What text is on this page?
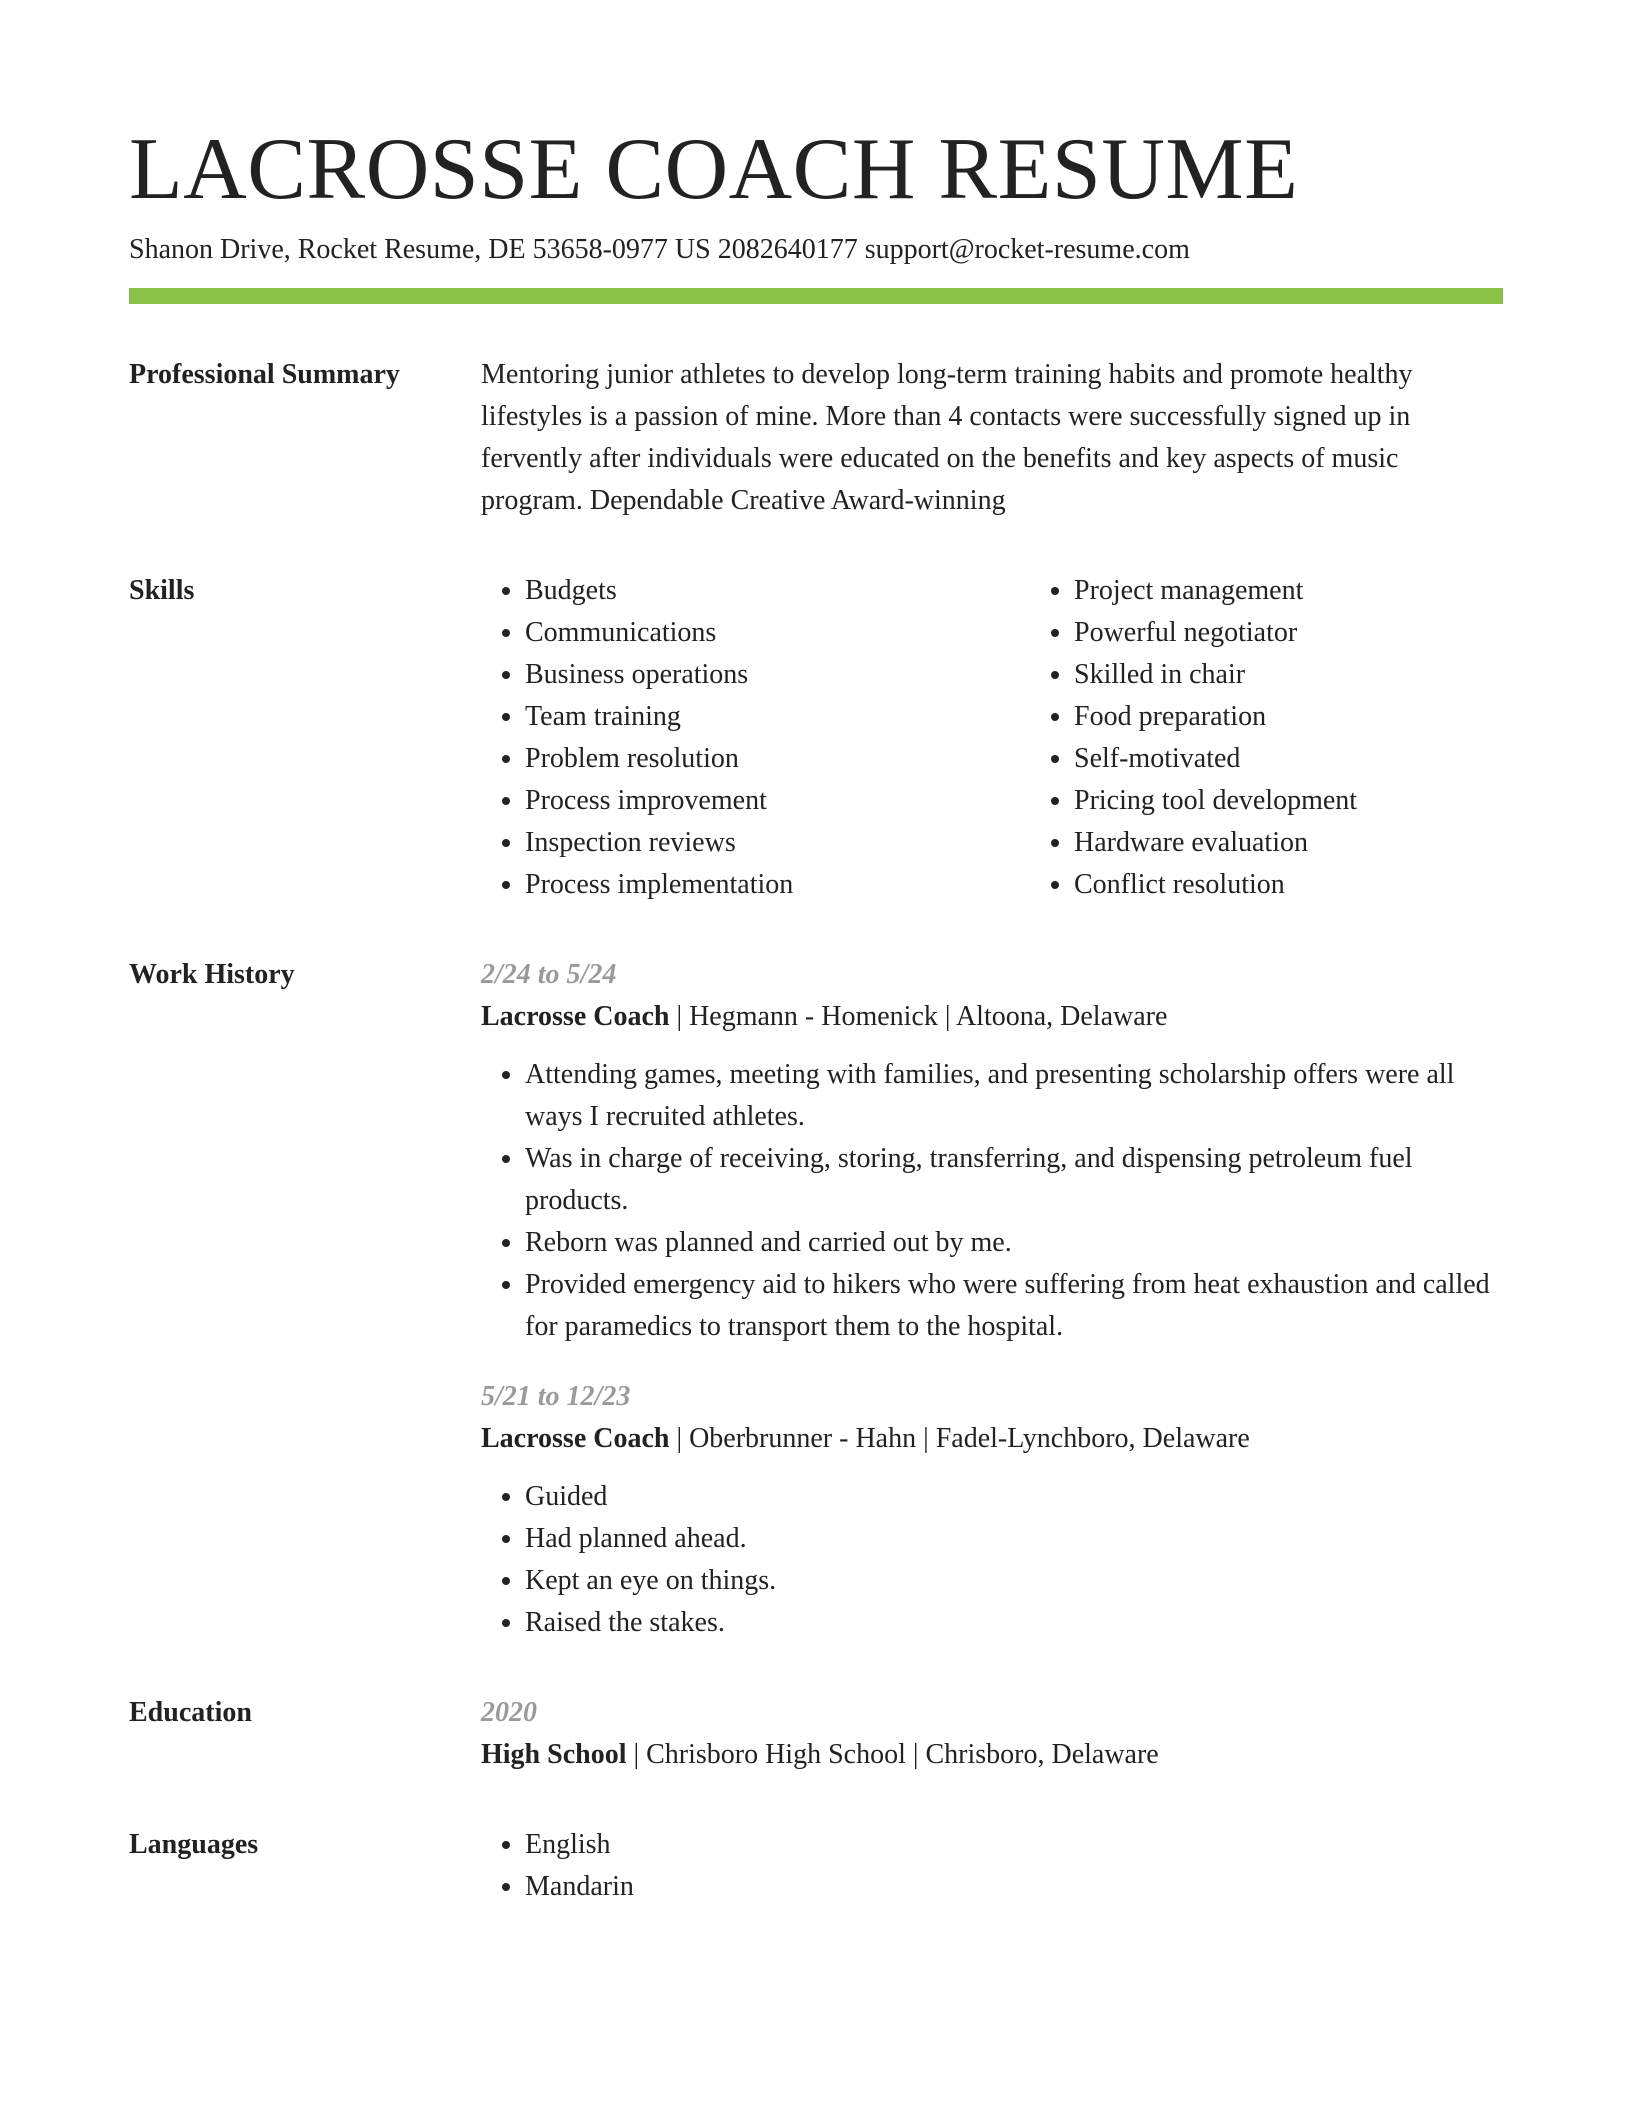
LACROSSE COACH RESUME
Shanon Drive, Rocket Resume, DE 53658-0977 US 2082640177 support@rocket-resume.com
Professional Summary	Mentoring junior athletes to develop long-term training habits and promote healthy lifestyles is a passion of mine. More than 4 contacts were successfully signed up in fervently after individuals were educated on the benefits and key aspects of music program. Dependable Creative Award-winning

Skills	• Budgets
• Communications
• Business operations
• Team training
• Problem resolution
• Process improvement
• Inspection reviews
• Process implementation
• Project management
• Powerful negotiator
• Skilled in chair
• Food preparation
• Self-motivated
• Pricing tool development
• Hardware evaluation
• Conflict resolution
Work History	2/24 to 5/24
Lacrosse Coach | Hegmann - Homenick | Altoona, Delaware
• Attending games, meeting with families, and presenting scholarship offers were all ways I recruited athletes.
• Was in charge of receiving, storing, transferring, and dispensing petroleum fuel products.
• Reborn was planned and carried out by me.
• Provided emergency aid to hikers who were suffering from heat exhaustion and called for paramedics to transport them to the hospital.
5/21 to 12/23
Lacrosse Coach | Oberbrunner - Hahn | Fadel-Lynchboro, Delaware
• Guided
• Had planned ahead.
• Kept an eye on things.
• Raised the stakes.
Education	2020
High School | Chrisboro High School | Chrisboro, Delaware
Languages	• English
• Mandarin
